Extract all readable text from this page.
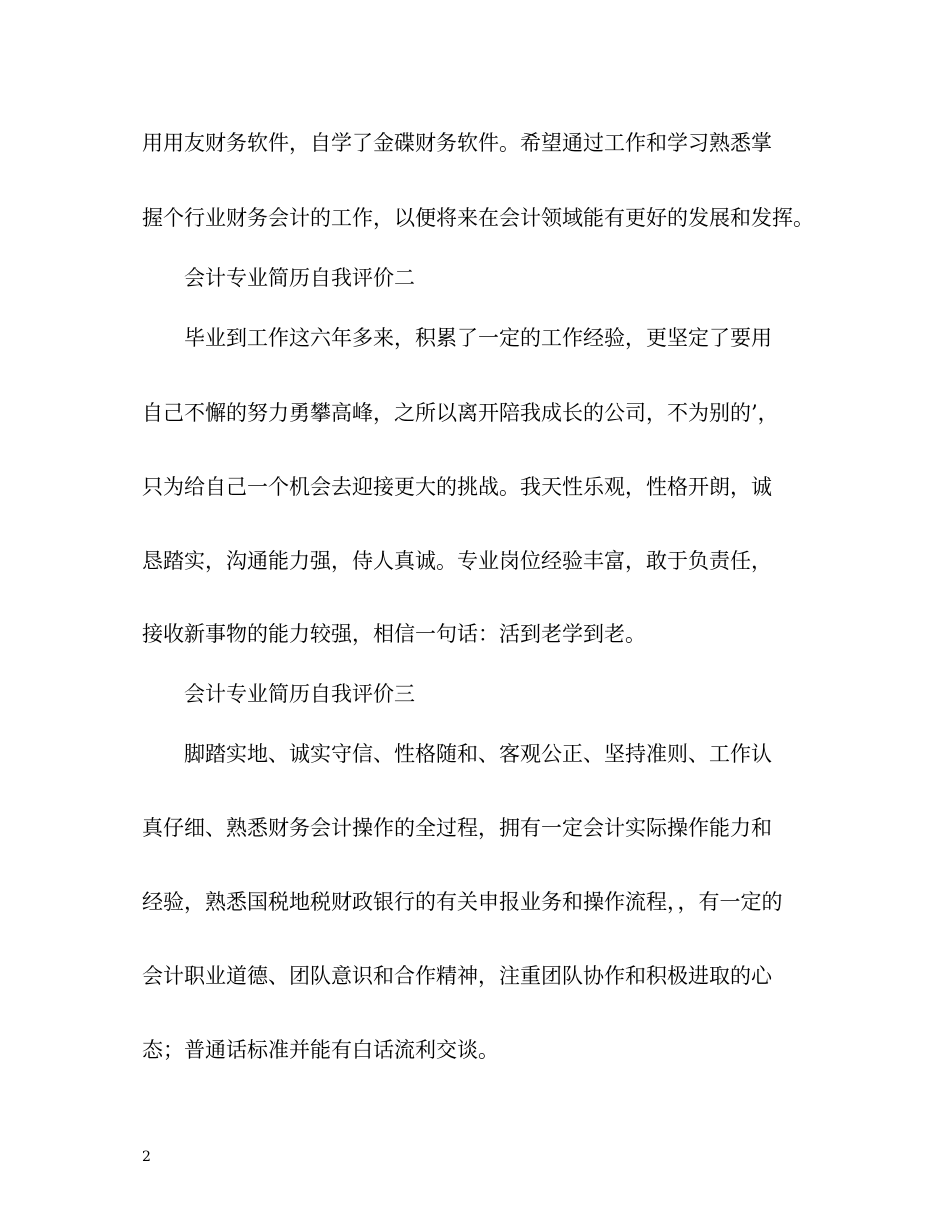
用用友财务软件，自学了金碟财务软件。希望通过工作和学习熟悉掌
握个行业财务会计的工作，以便将来在会计领域能有更好的发展和发挥。
会计专业简历自我评价二
毕业到工作这六年多来，积累了一定的工作经验，更坚定了要用
自己不懈的努力勇攀高峰，之所以离开陪我成长的公司，不为别的’，
只为给自己一个机会去迎接更大的挑战。我天性乐观，性格开朗，诚
恳踏实，沟通能力强，侍人真诚。专业岗位经验丰富，敢于负责任，
接收新事物的能力较强，相信一句话：活到老学到老。
会计专业简历自我评价三
脚踏实地、诚实守信、性格随和、客观公正、坚持准则、工作认
真仔细、熟悉财务会计操作的全过程，拥有一定会计实际操作能力和
经验，熟悉国税地税财政银行的有关申报业务和操作流程，，有一定的
会计职业道德、团队意识和合作精神，注重团队协作和积极进取的心
态；普通话标准并能有白话流利交谈。
2
